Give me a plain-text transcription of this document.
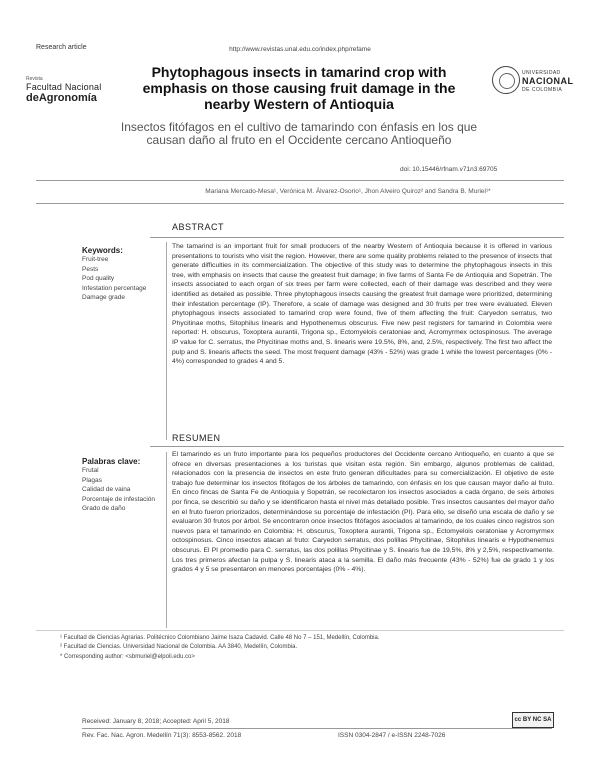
Research article	http://www.revistas.unal.edu.co/index.php/refame
Revista
Facultad Nacional
deAgronomía
Phytophagous insects in tamarind crop with emphasis on those causing fruit damage in the nearby Western of Antioquia
UNIVERSIDAD
NACIONAL
DE COLOMBIA
Insectos fitófagos en el cultivo de tamarindo con énfasis en los que causan daño al fruto en el Occidente cercano Antioqueño
doi: 10.15446/rfnam.v71n3.69705
Mariana Mercado-Mesa¹, Verónica M. Álvarez-Osorio¹, Jhon Alveiro Quiroz² and Sandra B. Muriel¹*
ABSTRACT
Keywords:
Fruit-tree
Pests
Pod quality
Infestation percentage
Damage grade

The tamarind is an important fruit for small producers of the nearby Western of Antioquia because it is offered in various presentations to tourists who visit the region. However, there are some quality problems related to the presence of insects that generate difficulties in its commercialization. The objective of this study was to determine the phytophagous insects in this tree, with emphasis on insects that cause the greatest fruit damage; in five farms of Santa Fe de Antioquia and Sopetrán. The insects associated to each organ of six trees per farm were collected, each of their damage was described and they were identified as detailed as possible. Three phytophagous insects causing the greatest fruit damage were prioritized, determining their infestation percentage (IP). Therefore, a scale of damage was designed and 30 fruits per tree were evaluated. Eleven phytophagous insects associated to tamarind crop were found, five of them affecting the fruit: Caryedon serratus, two Phycitinae moths, Sitophilus linearis and Hypothenemus obscurus. Five new pest registers for tamarind in Colombia were reported: H. obscurus, Toxoptera aurantii, Trigona sp., Ectomyelois ceratoniae and, Acromyrmex octospinosus. The average IP value for C. serratus, the Phycitinae moths and, S. linearis were 19.5%, 8%, and, 2.5%, respectively. The first two affect the pulp and S. linearis affects the seed. The most frequent damage (43% - 52%) was grade 1 while the lowest percentages (0% - 4%) corresponded to grades 4 and 5.

RESUMEN
Palabras clave:
Frutal
Plagas
Calidad de vaina
Porcentaje de infestación
Grado de daño

El tamarindo es un fruto importante para los pequeños productores del Occidente cercano Antioqueño, en cuanto a que se ofrece en diversas presentaciones a los turistas que visitan esta región. Sin embargo, algunos problemas de calidad, relacionados con la presencia de insectos en este fruto generan dificultades para su comercialización. El objetivo de este trabajo fue determinar los insectos fitófagos de los árboles de tamarindo, con énfasis en los que causan mayor daño al fruto. En cinco fincas de Santa Fe de Antioquia y Sopetrán, se recolectaron los insectos asociados a cada órgano, de seis árboles por finca, se describió su daño y se identificaron hasta el nivel más detallado posible. Tres insectos causantes del mayor daño en el fruto fueron priorizados, determinándose su porcentaje de infestación (PI). Para ello, se diseñó una escala de daño y se evaluaron 30 frutos por árbol. Se encontraron once insectos fitófagos asociados al tamarindo, de los cuales cinco registros son nuevos para el tamarindo en Colombia: H. obscurus, Toxoptera aurantii, Trigona sp., Ectomyelois ceratoniae y Acromyrmex octospinosus. Cinco insectos atacan al fruto: Caryedon serratus, dos polillas Phycitinae, Sitophilus linearis e Hypothenemus obscurus. El PI promedio para C. serratus, las dos polillas Phycitinae y S. linearis fue de 19,5%, 8% y 2,5%, respectivamente. Los tres primeros afectan la pulpa y S. linearis ataca a la semilla. El daño más frecuente (43% - 52%) fue de grado 1 y los grados 4 y 5 se presentaron en menores porcentajes (0% - 4%).

¹ Facultad de Ciencias Agrarias. Politécnico Colombiano Jaime Isaza Cadavid. Calle 48 No 7 – 151, Medellín, Colombia.
² Facultad de Ciencias. Universidad Nacional de Colombia. AA 3840, Medellín, Colombia.
* Corresponding author: <sbmuriel@elpoli.edu.co>
Received: January 8, 2018; Accepted: April 5, 2018
Rev. Fac. Nac. Agron. Medellín 71(3): 8553-8562. 2018	ISSN 0304-2847 / e-ISSN 2248-7026
cc BY NC SA
